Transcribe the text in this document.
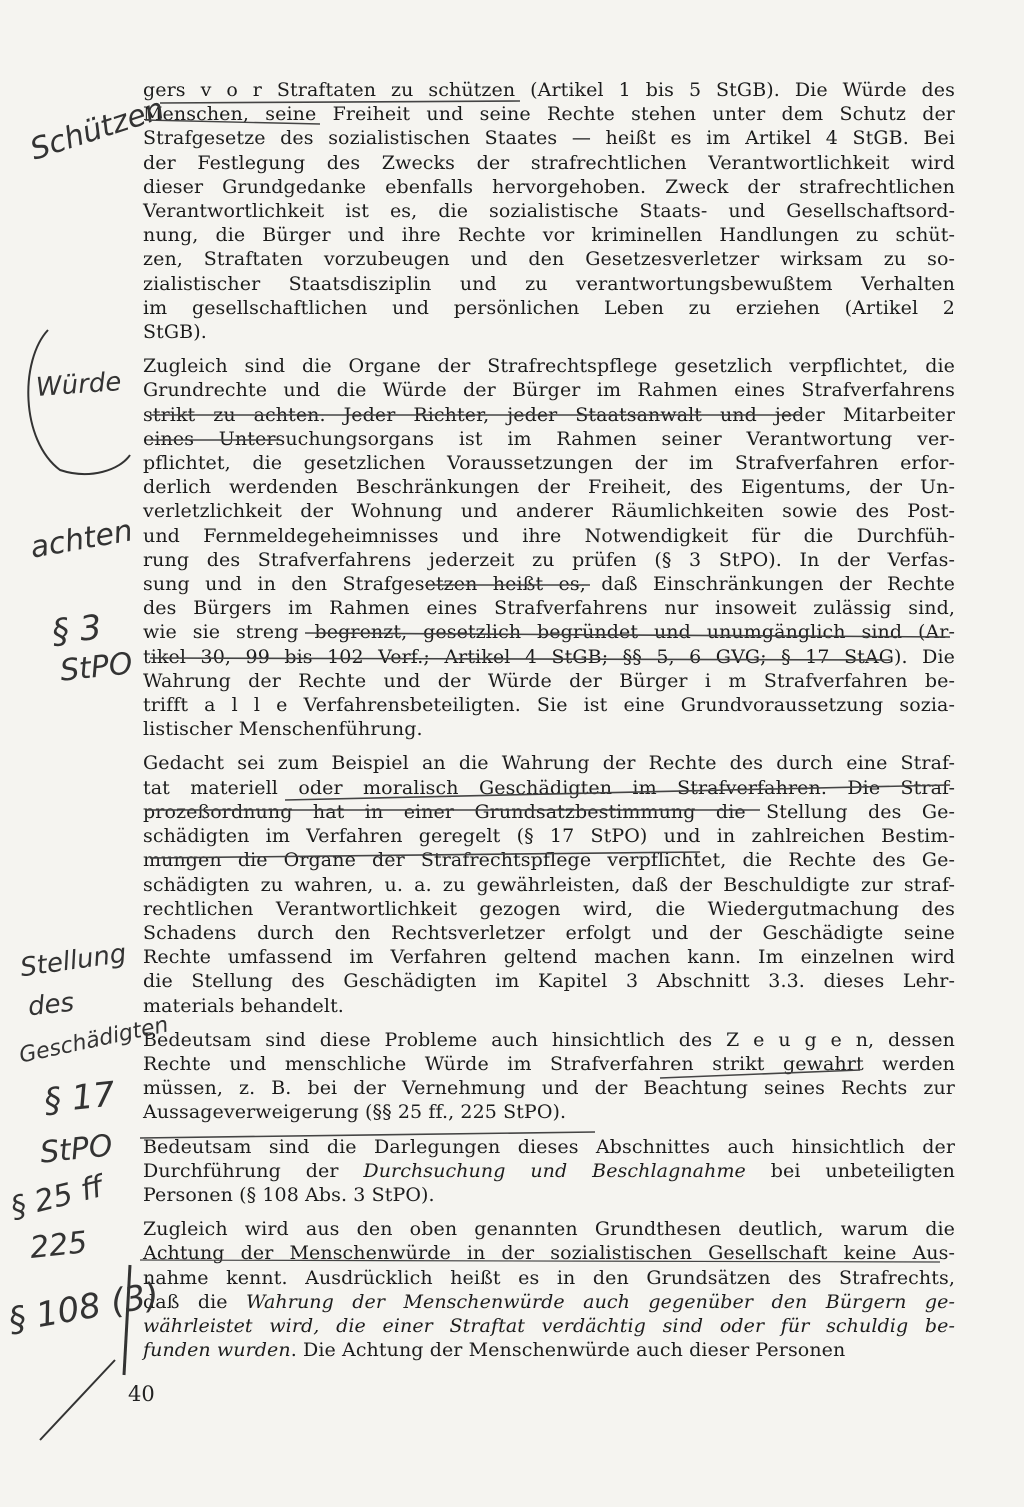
gers v o r Straftaten zu schützen (Artikel 1 bis 5 StGB). Die Würde des
Menschen, seine Freiheit und seine Rechte stehen unter dem Schutz der
Strafgesetze des sozialistischen Staates — heißt es im Artikel 4 StGB. Bei
der Festlegung des Zwecks der strafrechtlichen Verantwortlichkeit wird
dieser Grundgedanke ebenfalls hervorgehoben. Zweck der strafrechtlichen
Verantwortlichkeit ist es, die sozialistische Staats- und Gesellschaftsord-
nung, die Bürger und ihre Rechte vor kriminellen Handlungen zu schüt-
zen, Straftaten vorzubeugen und den Gesetzesverletzer wirksam zu so-
zialistischer Staatsdisziplin und zu verantwortungsbewußtem Verhalten
im gesellschaftlichen und persönlichen Leben zu erziehen (Artikel 2
StGB).
Zugleich sind die Organe der Strafrechtspflege gesetzlich verpflichtet, die
Grundrechte und die Würde der Bürger im Rahmen eines Strafverfahrens
strikt zu achten. Jeder Richter, jeder Staatsanwalt und jeder Mitarbeiter
eines Untersuchungsorgans ist im Rahmen seiner Verantwortung ver-
pflichtet, die gesetzlichen Voraussetzungen der im Strafverfahren erfor-
derlich werdenden Beschränkungen der Freiheit, des Eigentums, der Un-
verletzlichkeit der Wohnung und anderer Räumlichkeiten sowie des Post-
und Fernmeldegeheimnisses und ihre Notwendigkeit für die Durchfüh-
rung des Strafverfahrens jederzeit zu prüfen (§ 3 StPO). In der Verfas-
sung und in den Strafgesetzen heißt es, daß Einschränkungen der Rechte
des Bürgers im Rahmen eines Strafverfahrens nur insoweit zulässig sind,
wie sie streng begrenzt, gesetzlich begründet und unumgänglich sind (Ar-
tikel 30, 99 bis 102 Verf.; Artikel 4 StGB; §§ 5, 6 GVG; § 17 StAG). Die
Wahrung der Rechte und der Würde der Bürger i m Strafverfahren be-
trifft a l l e Verfahrensbeteiligten. Sie ist eine Grundvoraussetzung sozia-
listischer Menschenführung.
Gedacht sei zum Beispiel an die Wahrung der Rechte des durch eine Straf-
tat materiell oder moralisch Geschädigten im Strafverfahren. Die Straf-
prozeßordnung hat in einer Grundsatzbestimmung die Stellung des Ge-
schädigten im Verfahren geregelt (§ 17 StPO) und in zahlreichen Bestim-
mungen die Organe der Strafrechtspflege verpflichtet, die Rechte des Ge-
schädigten zu wahren, u. a. zu gewährleisten, daß der Beschuldigte zur straf-
rechtlichen Verantwortlichkeit gezogen wird, die Wiedergutmachung des
Schadens durch den Rechtsverletzer erfolgt und der Geschädigte seine
Rechte umfassend im Verfahren geltend machen kann. Im einzelnen wird
die Stellung des Geschädigten im Kapitel 3 Abschnitt 3.3. dieses Lehr-
materials behandelt.
Bedeutsam sind diese Probleme auch hinsichtlich des Z e u g e n, dessen
Rechte und menschliche Würde im Strafverfahren strikt gewahrt werden
müssen, z. B. bei der Vernehmung und der Beachtung seines Rechts zur
Aussageverweigerung (§§ 25 ff., 225 StPO).
Bedeutsam sind die Darlegungen dieses Abschnittes auch hinsichtlich der
Durchführung der Durchsuchung und Beschlagnahme bei unbeteiligten
Personen (§ 108 Abs. 3 StPO).
Zugleich wird aus den oben genannten Grundthesen deutlich, warum die
Achtung der Menschenwürde in der sozialistischen Gesellschaft keine Aus-
nahme kennt. Ausdrücklich heißt es in den Grundsätzen des Strafrechts,
daß die Wahrung der Menschenwürde auch gegenüber den Bürgern ge-
währleistet wird, die einer Straftat verdächtig sind oder für schuldig be-
funden wurden. Die Achtung der Menschenwürde auch dieser Personen
Schützen
Würde
achten
§ 3
StPO
Stellung
des
Geschädigten
§ 17
StPO
§ 25 ff
225
§ 108 (3)
40
